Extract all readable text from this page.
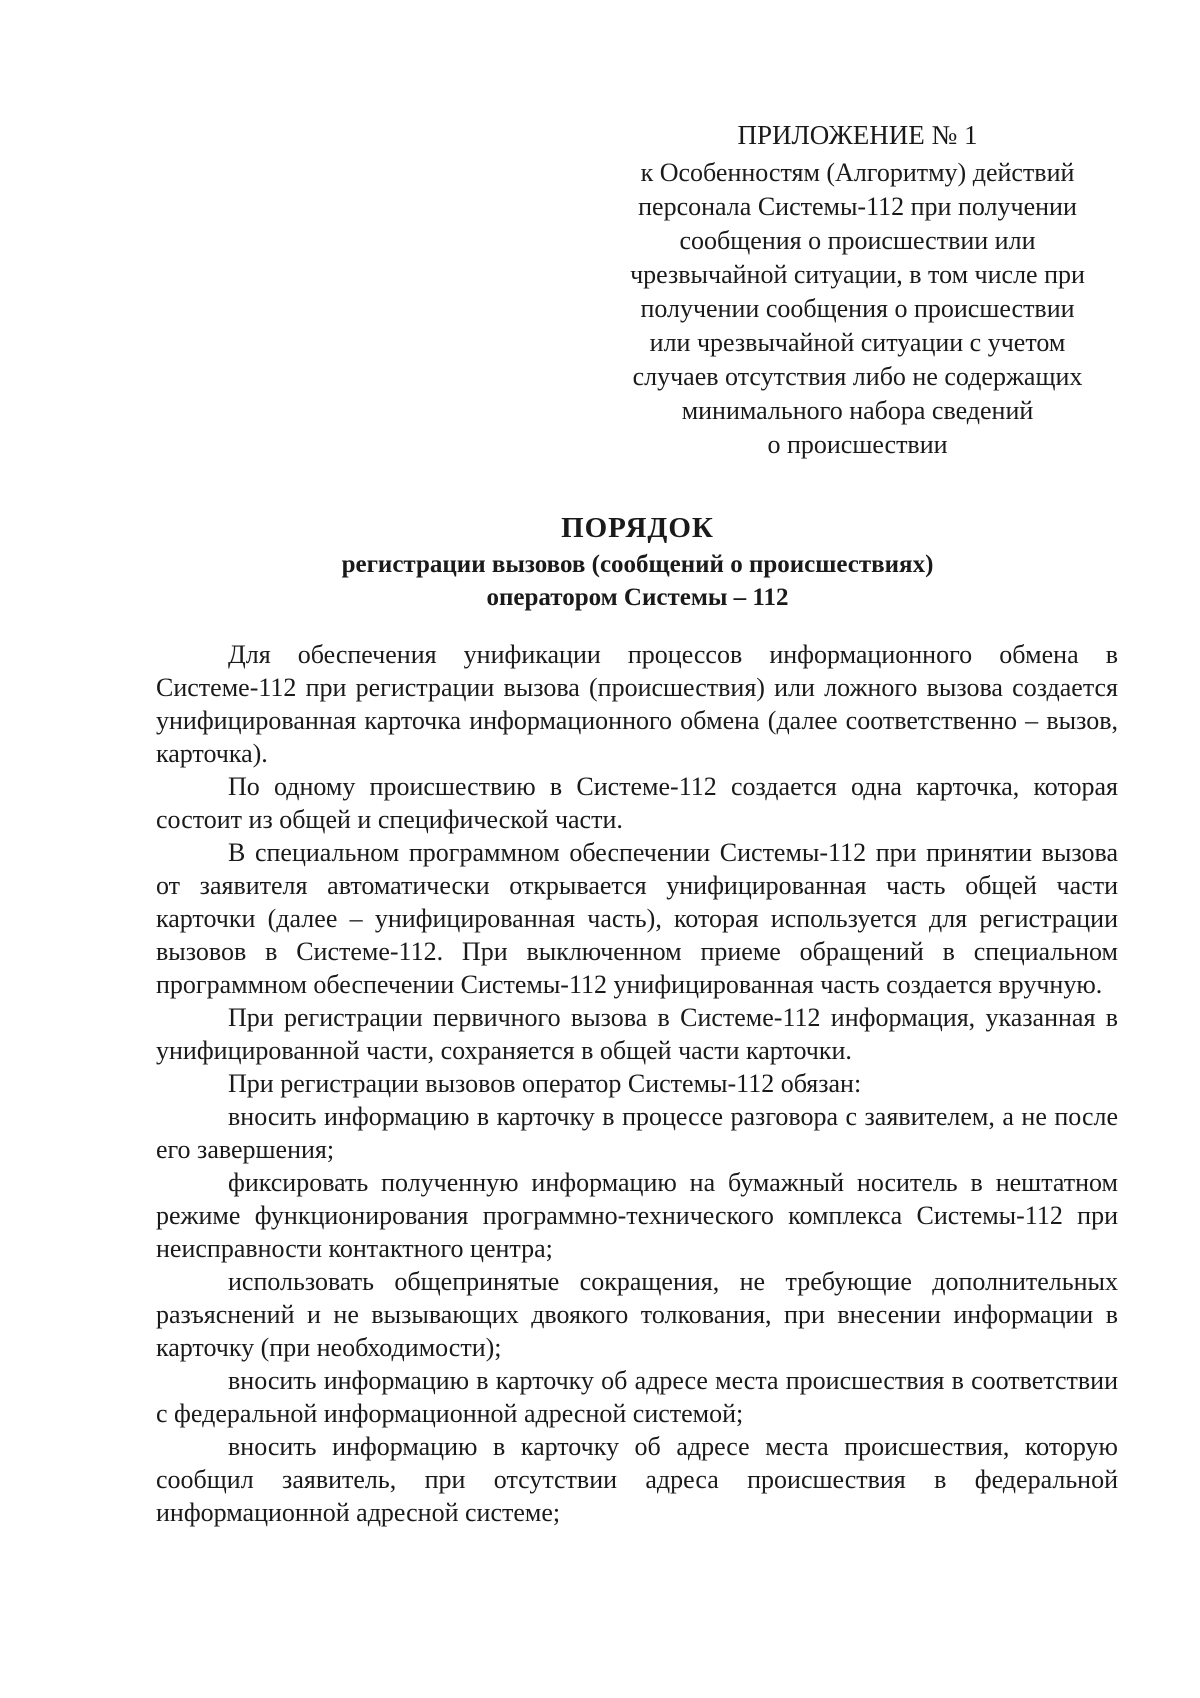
ПРИЛОЖЕНИЕ № 1
к Особенностям (Алгоритму) действий
персонала Системы-112 при получении
сообщения о происшествии или
чрезвычайной ситуации, в том числе при
получении сообщения о происшествии
или чрезвычайной ситуации с учетом
случаев отсутствия либо не содержащих
минимального набора сведений
о происшествии
ПОРЯДОК
регистрации вызовов (сообщений о происшествиях)
оператором Системы – 112

Для обеспечения унификации процессов информационного обмена в Системе-112 при регистрации вызова (происшествия) или ложного вызова создается унифицированная карточка информационного обмена (далее соответственно – вызов, карточка).

По одному происшествию в Системе-112 создается одна карточка, которая состоит из общей и специфической части.

В специальном программном обеспечении Системы-112 при принятии вызова от заявителя автоматически открывается унифицированная часть общей части карточки (далее – унифицированная часть), которая используется для регистрации вызовов в Системе-112. При выключенном приеме обращений в специальном программном обеспечении Системы-112 унифицированная часть создается вручную.

При регистрации первичного вызова в Системе-112 информация, указанная в унифицированной части, сохраняется в общей части карточки.

При регистрации вызовов оператор Системы-112 обязан:

вносить информацию в карточку в процессе разговора с заявителем, а не после его завершения;

фиксировать полученную информацию на бумажный носитель в нештатном режиме функционирования программно-технического комплекса Системы-112 при неисправности контактного центра;

использовать общепринятые сокращения, не требующие дополнительных разъяснений и не вызывающих двоякого толкования, при внесении информации в карточку (при необходимости);

вносить информацию в карточку об адресе места происшествия в соответствии с федеральной информационной адресной системой;

вносить информацию в карточку об адресе места происшествия, которую сообщил заявитель, при отсутствии адреса происшествия в федеральной информационной адресной системе;
